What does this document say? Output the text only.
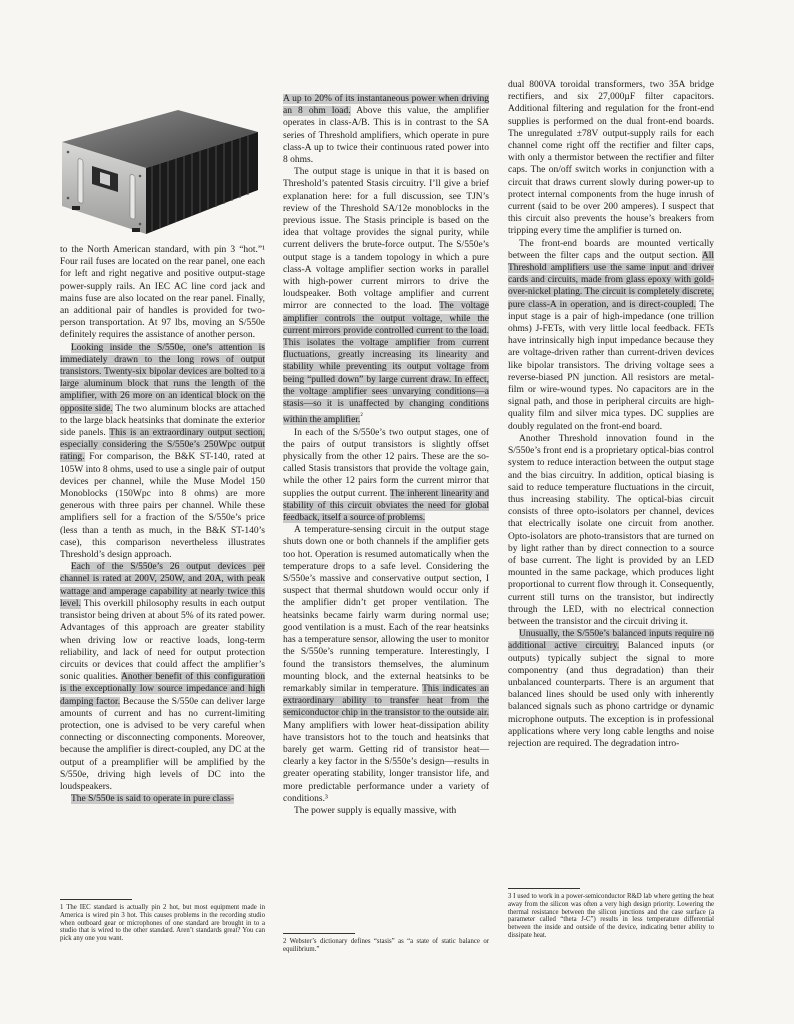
to the North American standard, with pin 3 “hot.”¹ Four rail fuses are located on the rear panel, one each for left and right negative and positive output-stage power-supply rails. An IEC AC line cord jack and mains fuse are also located on the rear panel. Finally, an additional pair of handles is provided for two-person transportation. At 97 lbs, moving an S/550e definitely requires the assistance of another person.

Looking inside the S/550e, one’s attention is immediately drawn to the long rows of output transistors. Twenty-six bipolar devices are bolted to a large aluminum block that runs the length of the amplifier, with 26 more on an identical block on the opposite side. The two aluminum blocks are attached to the large black heatsinks that dominate the exterior side panels. This is an extraordinary output section, especially considering the S/550e’s 250Wpc output rating. For comparison, the B&K ST-140, rated at 105W into 8 ohms, used to use a single pair of output devices per channel, while the Muse Model 150 Monoblocks (150Wpc into 8 ohms) are more generous with three pairs per channel. While these amplifiers sell for a fraction of the S/550e’s price (less than a tenth as much, in the B&K ST-140’s case), this comparison nevertheless illustrates Threshold’s design approach.

Each of the S/550e’s 26 output devices per channel is rated at 200V, 250W, and 20A, with peak wattage and amperage capability at nearly twice this level. This overkill philosophy results in each output transistor being driven at about 5% of its rated power. Advantages of this approach are greater stability when driving low or reactive loads, long-term reliability, and lack of need for output protection circuits or devices that could affect the amplifier’s sonic qualities. Another benefit of this configuration is the exceptionally low source impedance and high damping factor. Because the S/550e can deliver large amounts of current and has no current-limiting protection, one is advised to be very careful when connecting or disconnecting components. Moreover, because the amplifier is direct-coupled, any DC at the output of a preamplifier will be amplified by the S/550e, driving high levels of DC into the loudspeakers.

The S/550e is said to operate in pure class-

A up to 20% of its instantaneous power when driving an 8 ohm load. Above this value, the amplifier operates in class-A/B. This is in contrast to the SA series of Threshold amplifiers, which operate in pure class-A up to twice their continuous rated power into 8 ohms.

The output stage is unique in that it is based on Threshold’s patented Stasis circuitry. I’ll give a brief explanation here: for a full discussion, see TJN’s review of the Threshold SA/12e monoblocks in the previous issue. The Stasis principle is based on the idea that voltage provides the signal purity, while current delivers the brute-force output. The S/550e’s output stage is a tandem topology in which a pure class-A voltage amplifier section works in parallel with high-power current mirrors to drive the loudspeaker. Both voltage amplifier and current mirror are connected to the load. The voltage amplifier controls the output voltage, while the current mirrors provide controlled current to the load. This isolates the voltage amplifier from current fluctuations, greatly increasing its linearity and stability while preventing its output voltage from being “pulled down” by large current draw. In effect, the voltage amplifier sees unvarying conditions—a stasis—so it is unaffected by changing conditions within the amplifier.$^{^2}$

In each of the S/550e’s two output stages, one of the pairs of output transistors is slightly offset physically from the other 12 pairs. These are the so-called Stasis transistors that provide the voltage gain, while the other 12 pairs form the current mirror that supplies the output current. The inherent linearity and stability of this circuit obviates the need for global feedback, itself a source of problems.

A temperature-sensing circuit in the output stage shuts down one or both channels if the amplifier gets too hot. Operation is resumed automatically when the temperature drops to a safe level. Considering the S/550e’s massive and conservative output section, I suspect that thermal shutdown would occur only if the amplifier didn’t get proper ventilation. The heatsinks became fairly warm during normal use; good ventilation is a must. Each of the rear heatsinks has a temperature sensor, allowing the user to monitor the S/550e’s running temperature. Interestingly, I found the transistors themselves, the aluminum mounting block, and the external heatsinks to be remarkably similar in temperature. This indicates an extraordinary ability to transfer heat from the semiconductor chip in the transistor to the outside air. Many amplifiers with lower heat-dissipation ability have transistors hot to the touch and heatsinks that barely get warm. Getting rid of transistor heat—clearly a key factor in the S/550e’s design—results in greater operating stability, longer transistor life, and more predictable performance under a variety of conditions.³

The power supply is equally massive, with

dual 800VA toroidal transformers, two 35A bridge rectifiers, and six 27,000µF filter capacitors. Additional filtering and regulation for the front-end supplies is performed on the dual front-end boards. The unregulated ±78V output-supply rails for each channel come right off the rectifier and filter caps, with only a thermistor between the rectifier and filter caps. The on/off switch works in conjunction with a circuit that draws current slowly during power-up to protect internal components from the huge inrush of current (said to be over 200 amperes). I suspect that this circuit also prevents the house’s breakers from tripping every time the amplifier is turned on.

The front-end boards are mounted vertically between the filter caps and the output section. All Threshold amplifiers use the same input and driver cards and circuits, made from glass epoxy with gold-over-nickel plating. The circuit is completely discrete, pure class-A in operation, and is direct-coupled. The input stage is a pair of high-impedance (one trillion ohms) J-FETs, with very little local feedback. FETs have intrinsically high input impedance because they are voltage-driven rather than current-driven devices like bipolar transistors. The driving voltage sees a reverse-biased PN junction. All resistors are metal-film or wire-wound types. No capacitors are in the signal path, and those in peripheral circuits are high-quality film and silver mica types. DC supplies are doubly regulated on the front-end board.

Another Threshold innovation found in the S/550e’s front end is a proprietary optical-bias control system to reduce interaction between the output stage and the bias circuitry. In addition, optical biasing is said to reduce temperature fluctuations in the circuit, thus increasing stability. The optical-bias circuit consists of three opto-isolators per channel, devices that electrically isolate one circuit from another. Opto-isolators are photo-transistors that are turned on by light rather than by direct connection to a source of base current. The light is provided by an LED mounted in the same package, which produces light proportional to current flow through it. Consequently, current still turns on the transistor, but indirectly through the LED, with no electrical connection between the transistor and the circuit driving it.

Unusually, the S/550e’s balanced inputs require no additional active circuitry. Balanced inputs (or outputs) typically subject the signal to more componentry (and thus degradation) than their unbalanced counterparts. There is an argument that balanced lines should be used only with inherently balanced signals such as phono cartridge or dynamic microphone outputs. The exception is in professional applications where very long cable lengths and noise rejection are required. The degradation intro-

1 The IEC standard is actually pin 2 hot, but most equipment made in America is wired pin 3 hot. This causes problems in the recording studio when outboard gear or microphones of one standard are brought in to a studio that is wired to the other standard. Aren’t standards great? You can pick any one you want.	2 Webster’s dictionary defines “stasis” as “a state of static balance or equilibrium.”
3 I used to work in a power-semiconductor R&D lab where getting the heat away from the silicon was often a very high design priority. Lowering the thermal resistance between the silicon junctions and the case surface (a parameter called “theta J-C”) results in less temperature differential between the inside and outside of the device, indicating better ability to dissipate heat.
